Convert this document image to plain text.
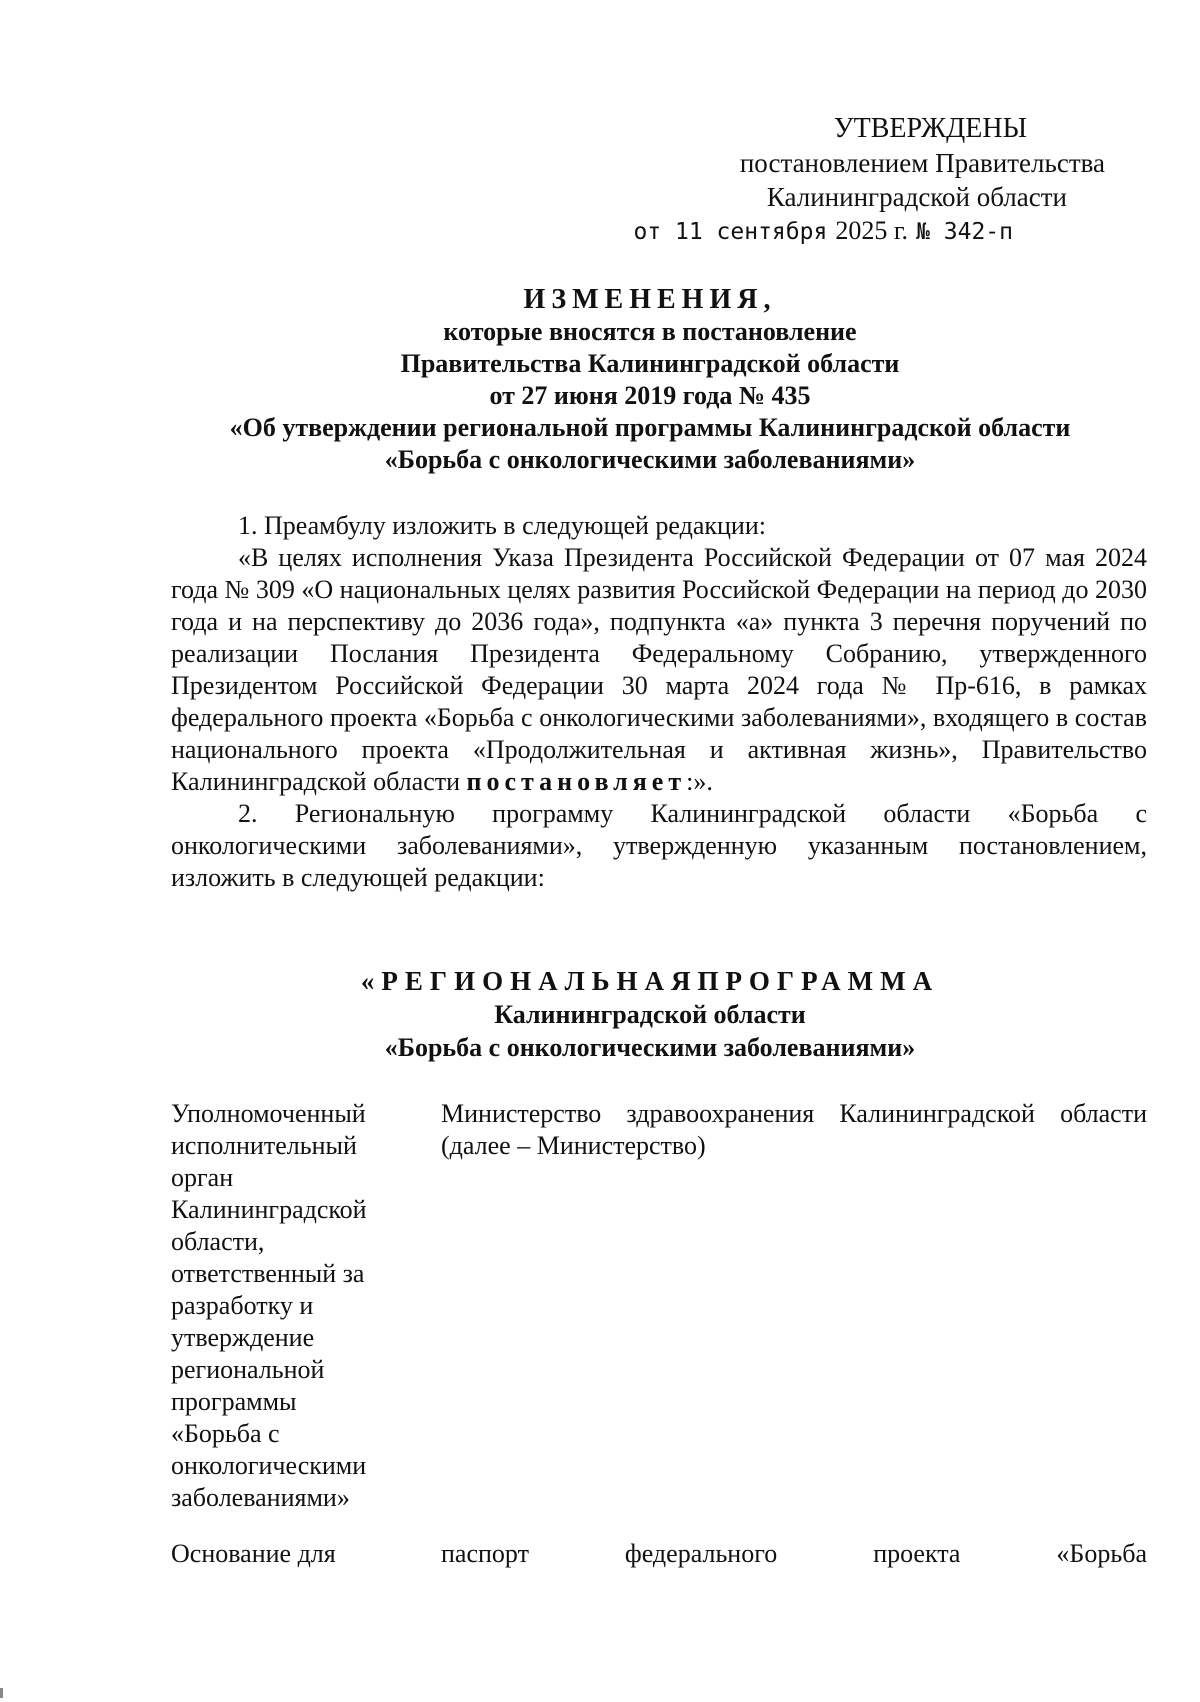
УТВЕРЖДЕНЫ
постановлением Правительства
Калининградской области
от 11 сентября 2025 г. № 342-п
ИЗМЕНЕНИЯ,
которые вносятся в постановление
Правительства Калининградской области
от 27 июня 2019 года № 435
«Об утверждении региональной программы Калининградской области
«Борьба с онкологическими заболеваниями»

1. Преамбулу изложить в следующей редакции:

«В целях исполнения Указа Президента Российской Федерации от 07 мая 2024 года № 309 «О национальных целях развития Российской Федерации на период до 2030 года и на перспективу до 2036 года», подпункта «а» пункта 3 перечня поручений по реализации Послания Президента Федеральному Собранию, утвержденного Президентом Российской Федерации 30 марта 2024 года № Пр-616, в рамках федерального проекта «Борьба с онкологическими заболеваниями», входящего в состав национального проекта «Продолжительная и активная жизнь», Правительство Калининградской области постановляет:».

2. Региональную программу Калининградской области «Борьба с онкологическими заболеваниями», утвержденную указанным постановлением, изложить в следующей редакции:

«РЕГИОНАЛЬНАЯПРОГРАММА
Калининградской области
«Борьба с онкологическими заболеваниями»
Уполномоченный исполнительный орган Калининградской области, ответственный за разработку и утверждение региональной программы «Борьба с онкологическими заболеваниями»	Министерство здравоохранения Калининградской области (далее – Министерство)
Основание для	паспорт федерального проекта «Борьба
